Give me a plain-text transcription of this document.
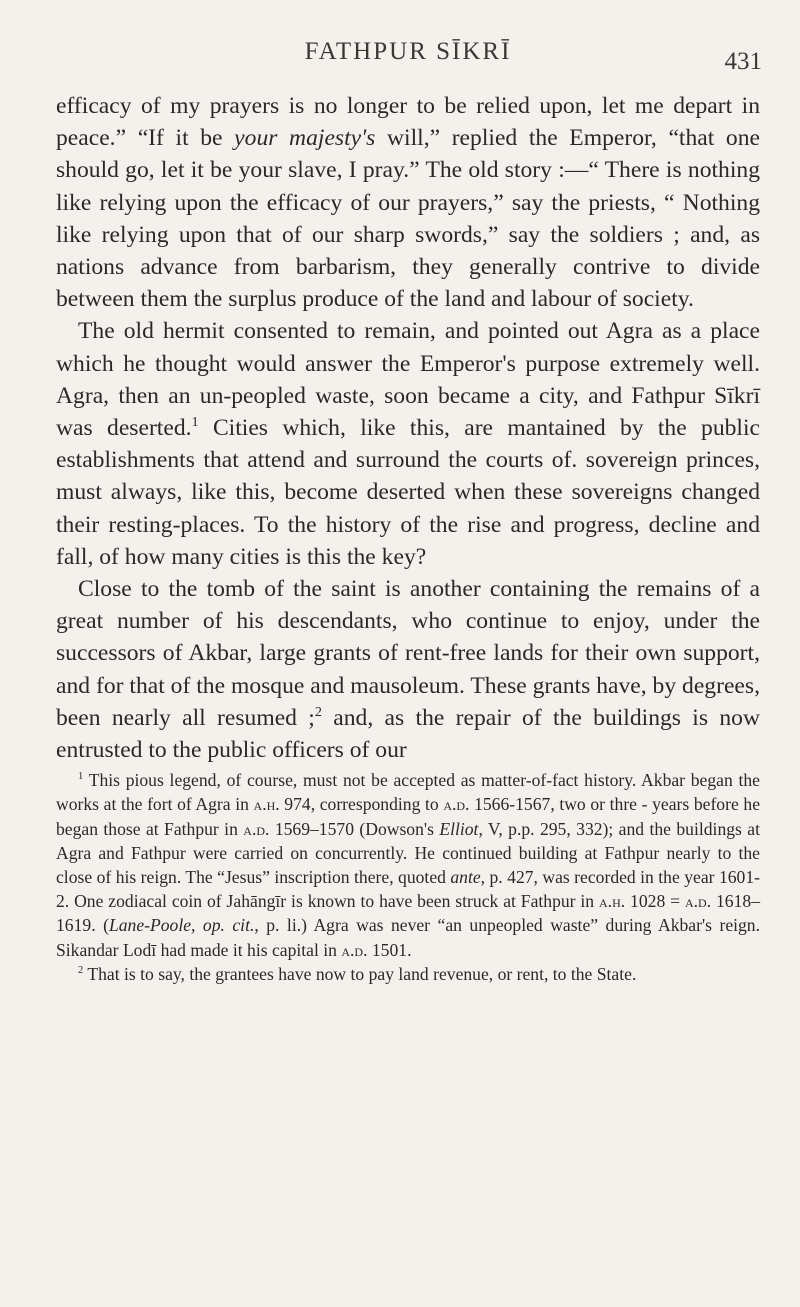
FATHPUR SĪKRĪ	431

efficacy of my prayers is no longer to be relied upon, let me depart in peace.” “If it be your majesty's will,” replied the Emperor, “that one should go, let it be your slave, I pray.” The old story :—“ There is nothing like relying upon the efficacy of our prayers,” say the priests, “ Nothing like relying upon that of our sharp swords,” say the soldiers ; and, as nations advance from barbarism, they generally contrive to divide between them the surplus produce of the land and labour of society.

The old hermit consented to remain, and pointed out Agra as a place which he thought would answer the Emperor's purpose extremely well. Agra, then an un-peopled waste, soon became a city, and Fathpur Sīkrī was deserted.$^1$ Cities which, like this, are mantained by the public establishments that attend and surround the courts of. sovereign princes, must always, like this, become deserted when these sovereigns changed their resting-places. To the history of the rise and progress, decline and fall, of how many cities is this the key?

Close to the tomb of the saint is another containing the remains of a great number of his descendants, who continue to enjoy, under the successors of Akbar, large grants of rent-free lands for their own support, and for that of the mosque and mausoleum. These grants have, by degrees, been nearly all resumed ;$^2$ and, as the repair of the buildings is now entrusted to the public officers of our

$^1$ This pious legend, of course, must not be accepted as matter-of-fact history. Akbar began the works at the fort of Agra in a.h. 974, corresponding to a.d. 1566-1567, two or thre - years before he began those at Fathpur in a.d. 1569–1570 (Dowson's Elliot, V, p.p. 295, 332); and the buildings at Agra and Fathpur were carried on concurrently. He continued building at Fathpur nearly to the close of his reign. The “Jesus” inscription there, quoted ante, p. 427, was recorded in the year 1601-2. One zodiacal coin of Jahāngīr is known to have been struck at Fathpur in a.h. 1028 = a.d. 1618–1619. (Lane-Poole, op. cit., p. li.) Agra was never “an unpeopled waste” during Akbar's reign. Sikandar Lodī had made it his capital in a.d. 1501.

$^2$ That is to say, the grantees have now to pay land revenue, or rent, to the State.
